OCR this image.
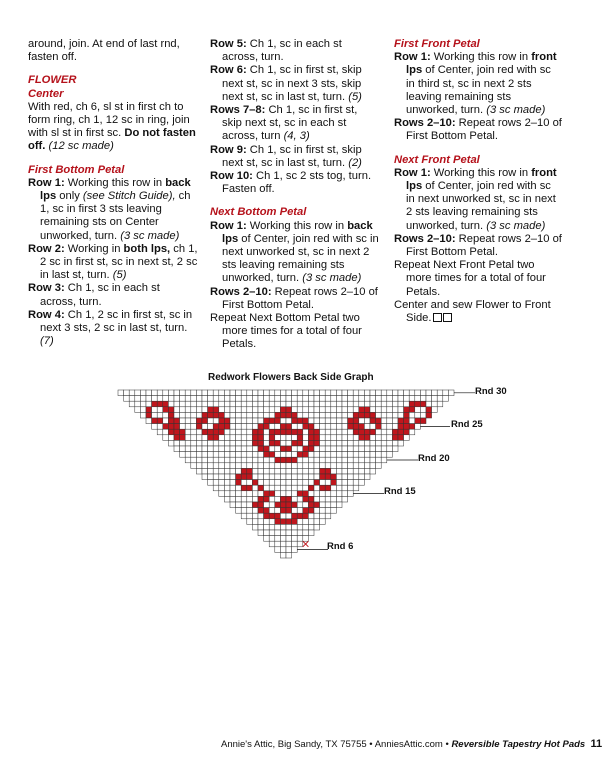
around, join. At end of last rnd, fasten off.

FLOWER

Center

With red, ch 6, sl st in first ch to form ring, ch 1, 12 sc in ring, join with sl st in first sc. Do not fasten off. (12 sc made)

First Bottom Petal

Row 1: Working this row in back lps only (see Stitch Guide), ch 1, sc in first 3 sts leaving remaining sts on Center unworked, turn. (3 sc made)

Row 2: Working in both lps, ch 1, 2 sc in first st, sc in next st, 2 sc in last st, turn. (5)

Row 3: Ch 1, sc in each st across, turn.

Row 4: Ch 1, 2 sc in first st, sc in next 3 sts, 2 sc in last st, turn. (7)

Row 5: Ch 1, sc in each st across, turn.

Row 6: Ch 1, sc in first st, skip next st, sc in next 3 sts, skip next st, sc in last st, turn. (5)

Rows 7–8: Ch 1, sc in first st, skip next st, sc in each st across, turn (4, 3)

Row 9: Ch 1, sc in first st, skip next st, sc in last st, turn. (2)

Row 10: Ch 1, sc 2 sts tog, turn. Fasten off.

Next Bottom Petal

Row 1: Working this row in back lps of Center, join red with sc in next unworked st, sc in next 2 sts leaving remaining sts unworked, turn. (3 sc made)

Rows 2–10: Repeat rows 2–10 of First Bottom Petal.

Repeat Next Bottom Petal two more times for a total of four Petals.

First Front Petal

Row 1: Working this row in front lps of Center, join red with sc in third st, sc in next 2 sts leaving remaining sts unworked, turn. (3 sc made)

Rows 2–10: Repeat rows 2–10 of First Bottom Petal.

Next Front Petal

Row 1: Working this row in front lps of Center, join red with sc in next unworked st, sc in next 2 sts leaving remaining sts unworked, turn. (3 sc made)

Rows 2–10: Repeat rows 2–10 of First Bottom Petal.

Repeat Next Front Petal two more times for a total of four Petals.

Center and sew Flower to Front Side.

Redwork Flowers Back Side Graph
Rnd 30
Rnd 25
Rnd 20
Rnd 15
Rnd 6
Annie's Attic, Big Sandy, TX 75755 • AnniesAttic.com • Reversible Tapestry Hot Pads 11
